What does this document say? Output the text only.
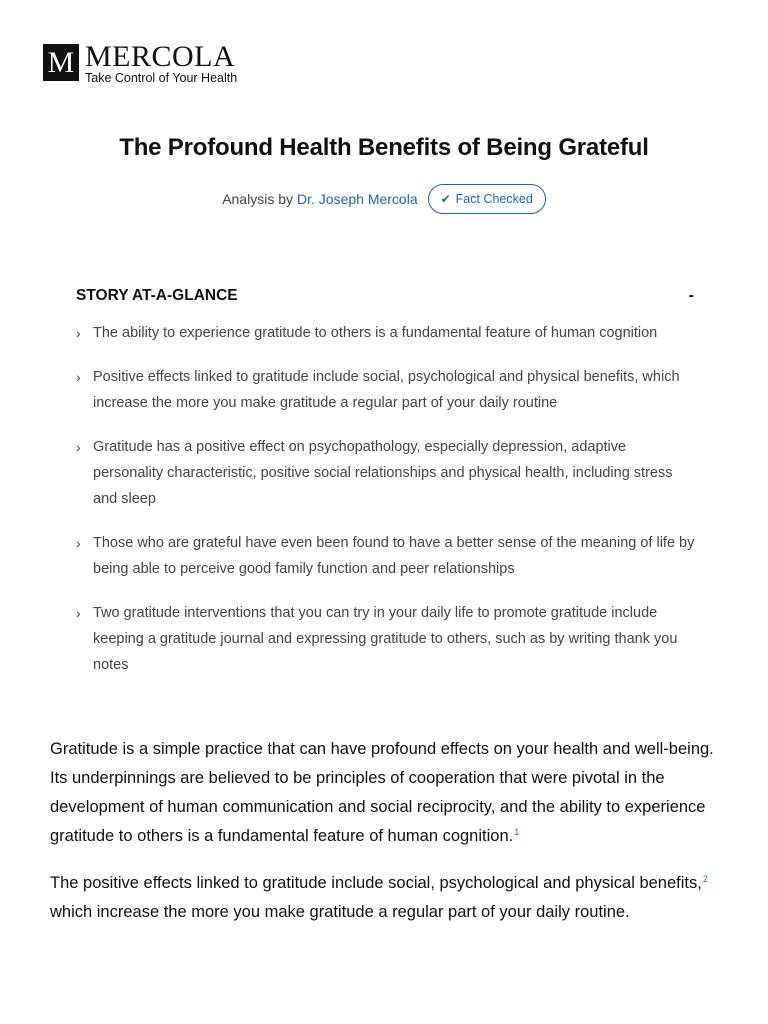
M MERCOLA
Take Control of Your Health
The Profound Health Benefits of Being Grateful
Analysis by Dr. Joseph Mercola ✔ Fact Checked
STORY AT-A-GLANCE	-
› The ability to experience gratitude to others is a fundamental feature of human cognition
› Positive effects linked to gratitude include social, psychological and physical benefits, which increase the more you make gratitude a regular part of your daily routine
› Gratitude has a positive effect on psychopathology, especially depression, adaptive personality characteristic, positive social relationships and physical health, including stress and sleep
› Those who are grateful have even been found to have a better sense of the meaning of life by being able to perceive good family function and peer relationships
› Two gratitude interventions that you can try in your daily life to promote gratitude include keeping a gratitude journal and expressing gratitude to others, such as by writing thank you notes

Gratitude is a simple practice that can have profound effects on your health and well-being. Its underpinnings are believed to be principles of cooperation that were pivotal in the development of human communication and social reciprocity, and the ability to experience gratitude to others is a fundamental feature of human cognition.$^1$

The positive effects linked to gratitude include social, psychological and physical benefits,$^2$ which increase the more you make gratitude a regular part of your daily routine.
